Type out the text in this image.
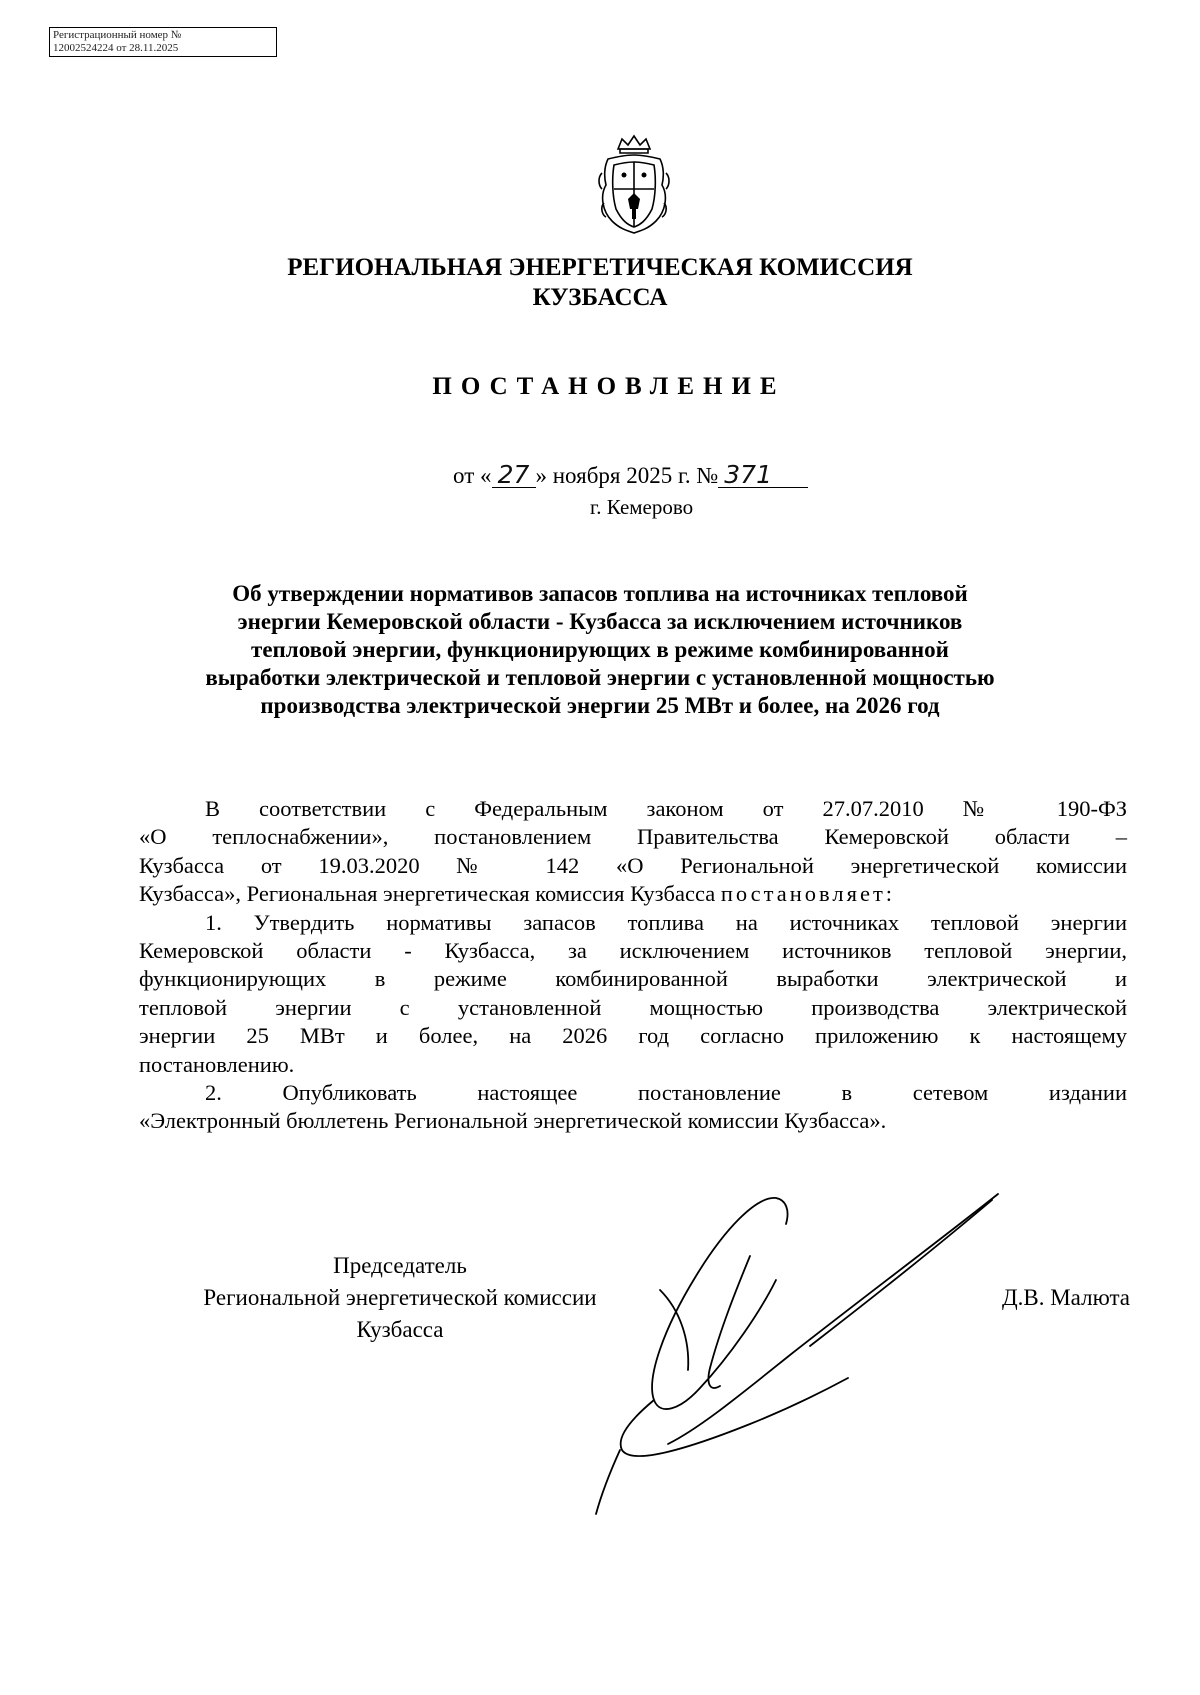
Регистрационный номер №
12002524224 от 28.11.2025
РЕГИОНАЛЬНАЯ ЭНЕРГЕТИЧЕСКАЯ КОМИССИЯ
КУЗБАССА
ПОСТАНОВЛЕНИЕ
от « 27 » ноября 2025 г. № 371
г. Кемерово
Об утверждении нормативов запасов топлива на источниках тепловой
энергии Кемеровской области - Кузбасса за исключением источников
тепловой энергии, функционирующих в режиме комбинированной
выработки электрической и тепловой энергии с установленной мощностью
производства электрической энергии 25 МВт и более, на 2026 год

В соответствии с Федеральным законом от 27.07.2010 № 190-ФЗ
«О теплоснабжении», постановлением Правительства Кемеровской области –
Кузбасса от 19.03.2020 № 142 «О Региональной энергетической комиссии
Кузбасса», Региональная энергетическая комиссия Кузбасса постановляет:

1. Утвердить нормативы запасов топлива на источниках тепловой энергии
Кемеровской области - Кузбасса, за исключением источников тепловой энергии,
функционирующих в режиме комбинированной выработки электрической и
тепловой энергии с установленной мощностью производства электрической
энергии 25 МВт и более, на 2026 год согласно приложению к настоящему
постановлению.

2. Опубликовать настоящее постановление в сетевом издании
«Электронный бюллетень Региональной энергетической комиссии Кузбасса».

Председатель
Региональной энергетической комиссии
Кузбасса
Д.В. Малюта
